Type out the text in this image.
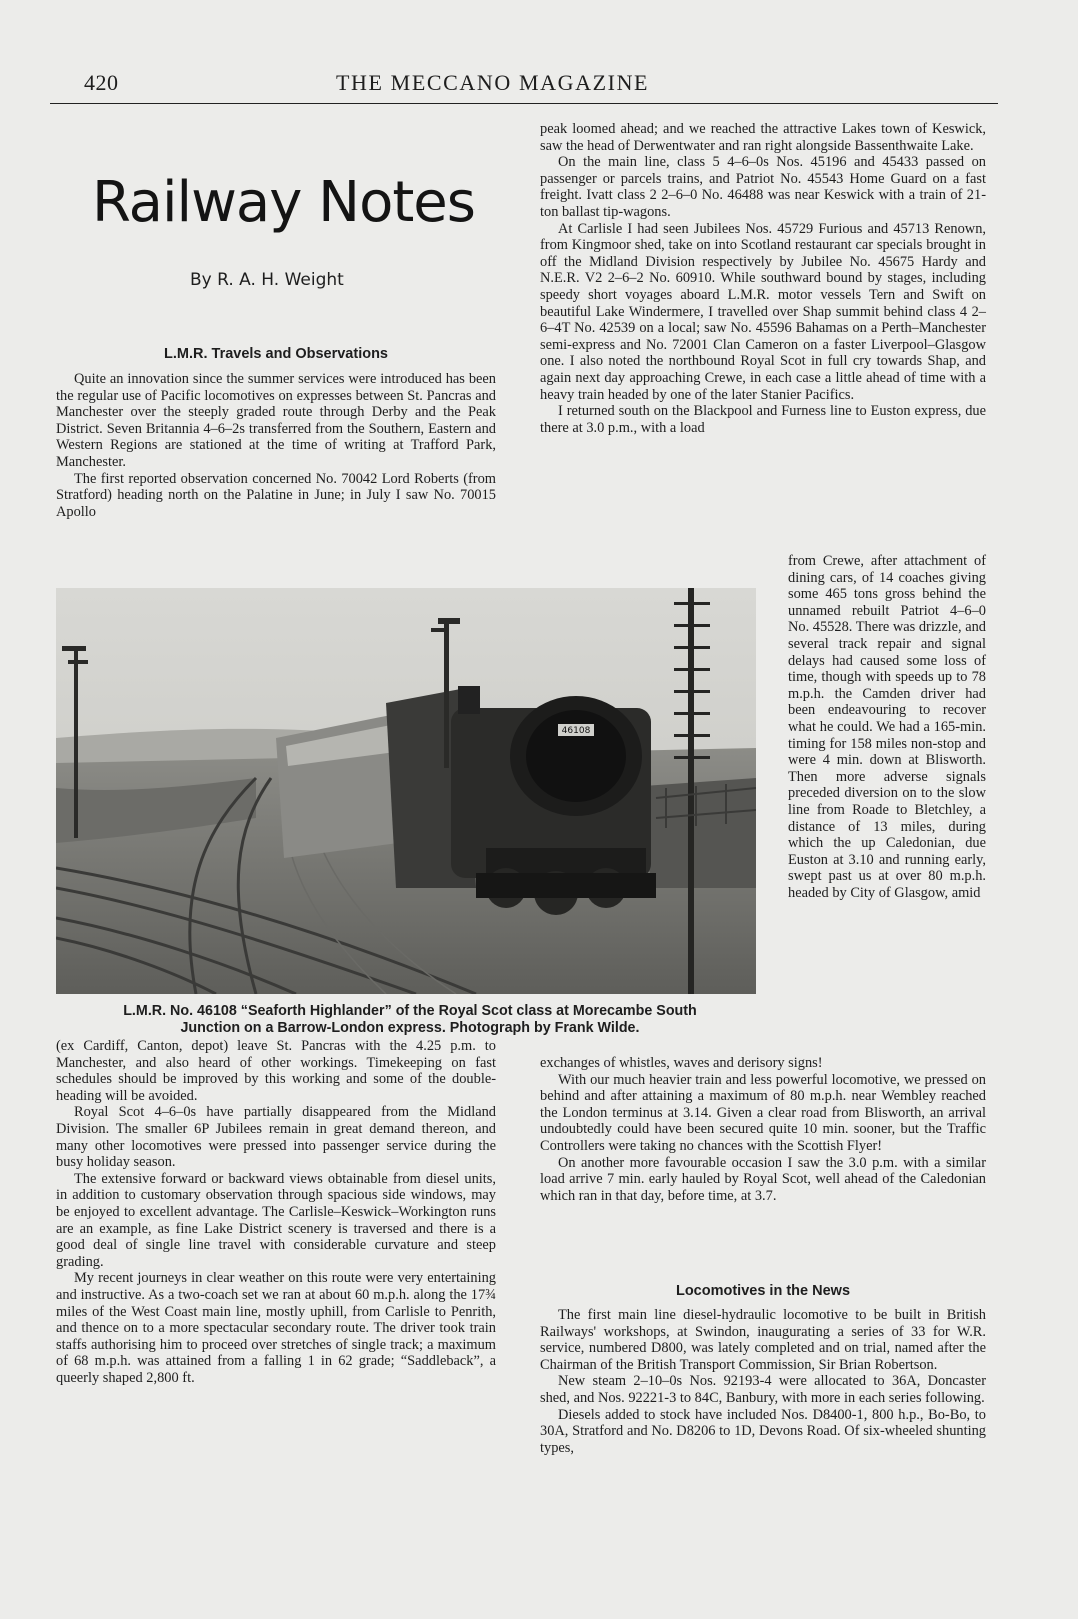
420	THE MECCANO MAGAZINE
Railway Notes

By R. A. H. Weight

L.M.R. Travels and Observations

Quite an innovation since the summer services were introduced has been the regular use of Pacific locomotives on expresses between St. Pancras and Manchester over the steeply graded route through Derby and the Peak District. Seven Britannia 4–6–2s transferred from the Southern, Eastern and Western Regions are stationed at the time of writing at Trafford Park, Manchester.

The first reported observation concerned No. 70042 Lord Roberts (from Stratford) heading north on the Palatine in June; in July I saw No. 70015 Apollo

46108

L.M.R. No. 46108 “Seaforth Highlander” of the Royal Scot class at Morecambe South
Junction on a Barrow-London express. Photograph by Frank Wilde.

(ex Cardiff, Canton, depot) leave St. Pancras with the 4.25 p.m. to Manchester, and also heard of other workings. Timekeeping on fast schedules should be improved by this working and some of the double-heading will be avoided.

Royal Scot 4–6–0s have partially disappeared from the Midland Division. The smaller 6P Jubilees remain in great demand thereon, and many other locomotives were pressed into passenger service during the busy holiday season.

The extensive forward or backward views obtainable from diesel units, in addition to customary observation through spacious side windows, may be enjoyed to excellent advantage. The Carlisle–Keswick–Workington runs are an example, as fine Lake District scenery is traversed and there is a good deal of single line travel with considerable curvature and steep grading.

My recent journeys in clear weather on this route were very entertaining and instructive. As a two-coach set we ran at about 60 m.p.h. along the 17¾ miles of the West Coast main line, mostly uphill, from Carlisle to Penrith, and thence on to a more spectacular secondary route. The driver took train staffs authorising him to proceed over stretches of single track; a maximum of 68 m.p.h. was attained from a falling 1 in 62 grade; “Saddleback”, a queerly shaped 2,800 ft.

peak loomed ahead; and we reached the attractive Lakes town of Keswick, saw the head of Derwentwater and ran right alongside Bassenthwaite Lake.

On the main line, class 5 4–6–0s Nos. 45196 and 45433 passed on passenger or parcels trains, and Patriot No. 45543 Home Guard on a fast freight. Ivatt class 2 2–6–0 No. 46488 was near Keswick with a train of 21-ton ballast tip-wagons.

At Carlisle I had seen Jubilees Nos. 45729 Furious and 45713 Renown, from Kingmoor shed, take on into Scotland restaurant car specials brought in off the Midland Division respectively by Jubilee No. 45675 Hardy and N.E.R. V2 2–6–2 No. 60910. While southward bound by stages, including speedy short voyages aboard L.M.R. motor vessels Tern and Swift on beautiful Lake Windermere, I travelled over Shap summit behind class 4 2–6–4T No. 42539 on a local; saw No. 45596 Bahamas on a Perth–Manchester semi-express and No. 72001 Clan Cameron on a faster Liverpool–Glasgow one. I also noted the northbound Royal Scot in full cry towards Shap, and again next day approaching Crewe, in each case a little ahead of time with a heavy train headed by one of the later Stanier Pacifics.

I returned south on the Blackpool and Furness line to Euston express, due there at 3.0 p.m., with a load

from Crewe, after attachment of dining cars, of 14 coaches giving some 465 tons gross behind the unnamed rebuilt Patriot 4–6–0 No. 45528. There was drizzle, and several track repair and signal delays had caused some loss of time, though with speeds up to 78 m.p.h. the Camden driver had been endeavouring to recover what he could. We had a 165-min. timing for 158 miles non-stop and were 4 min. down at Blisworth. Then more adverse signals preceded diversion on to the slow line from Roade to Bletchley, a distance of 13 miles, during which the up Caledonian, due Euston at 3.10 and running early, swept past us at over 80 m.p.h. headed by City of Glasgow, amid

exchanges of whistles, waves and derisory signs!

With our much heavier train and less powerful locomotive, we pressed on behind and after attaining a maximum of 80 m.p.h. near Wembley reached the London terminus at 3.14. Given a clear road from Blisworth, an arrival undoubtedly could have been secured quite 10 min. sooner, but the Traffic Controllers were taking no chances with the Scottish Flyer!

On another more favourable occasion I saw the 3.0 p.m. with a similar load arrive 7 min. early hauled by Royal Scot, well ahead of the Caledonian which ran in that day, before time, at 3.7.

Locomotives in the News

The first main line diesel-hydraulic locomotive to be built in British Railways' workshops, at Swindon, inaugurating a series of 33 for W.R. service, numbered D800, was lately completed and on trial, named after the Chairman of the British Transport Commission, Sir Brian Robertson.

New steam 2–10–0s Nos. 92193-4 were allocated to 36A, Doncaster shed, and Nos. 92221-3 to 84C, Banbury, with more in each series following.

Diesels added to stock have included Nos. D8400-1, 800 h.p., Bo-Bo, to 30A, Stratford and No. D8206 to 1D, Devons Road. Of six-wheeled shunting types,
